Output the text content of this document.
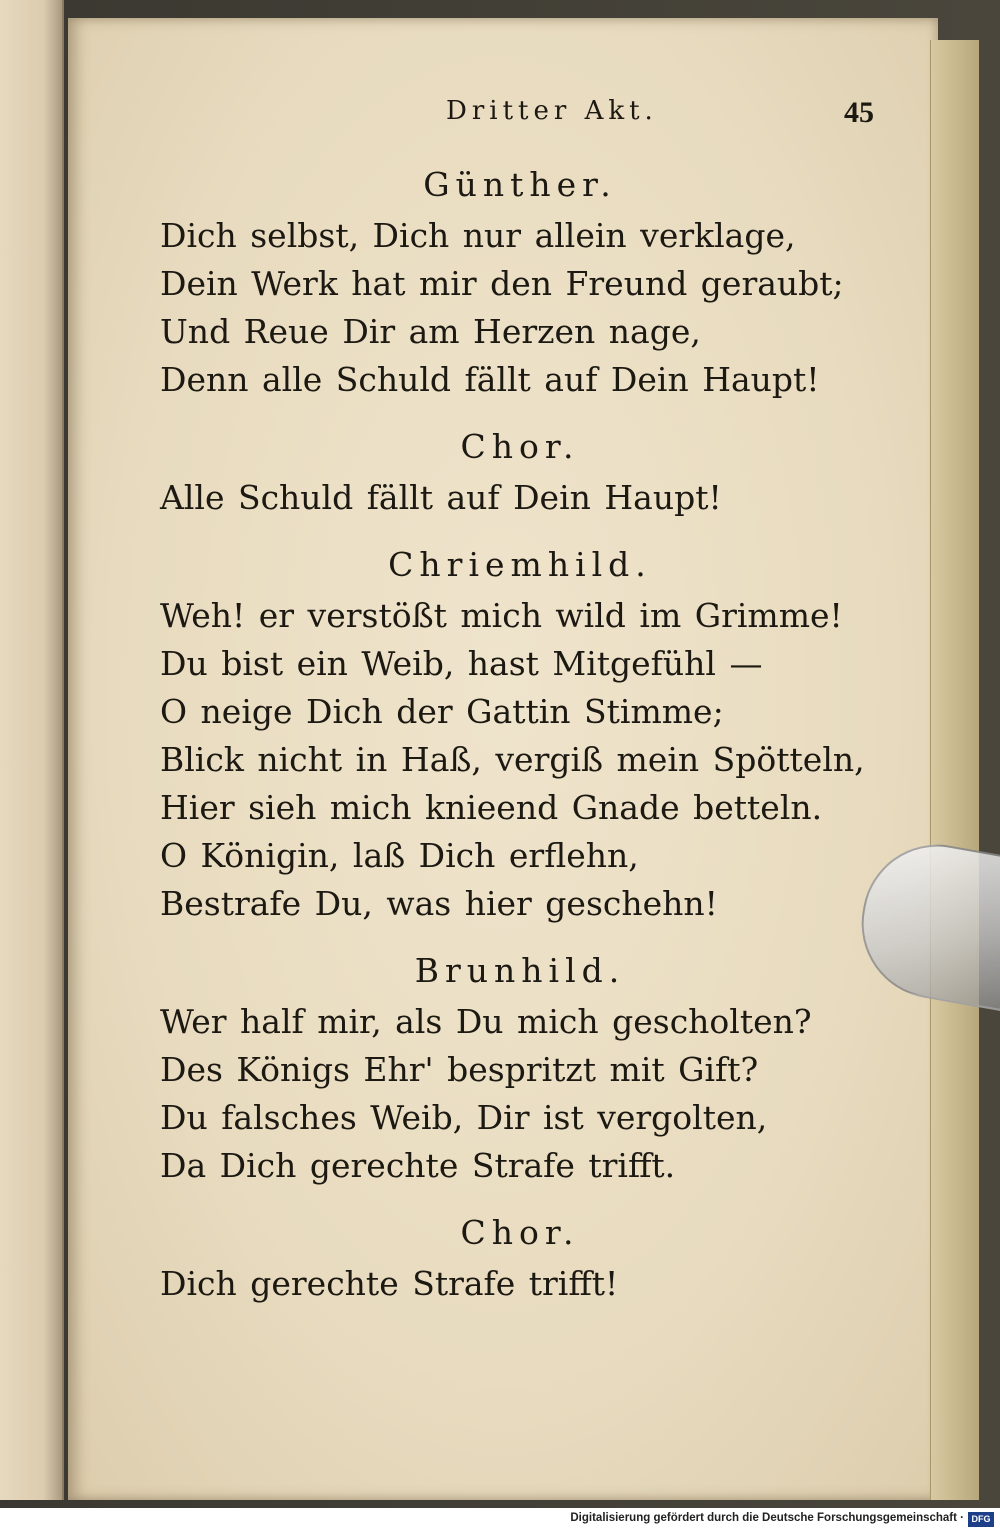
Dritter Akt.	45
Günther.
Dich selbst, Dich nur allein verklage,
Dein Werk hat mir den Freund geraubt;
Und Reue Dir am Herzen nage,
Denn alle Schuld fällt auf Dein Haupt!
Chor.
Alle Schuld fällt auf Dein Haupt!
Chriemhild.
Weh! er verstößt mich wild im Grimme!
Du bist ein Weib, hast Mitgefühl —
O neige Dich der Gattin Stimme;
Blick nicht in Haß, vergiß mein Spötteln,
Hier sieh mich knieend Gnade betteln.
O Königin, laß Dich erflehn,
Bestrafe Du, was hier geschehn!
Brunhild.
Wer half mir, als Du mich gescholten?
Des Königs Ehr' bespritzt mit Gift?
Du falsches Weib, Dir ist vergolten,
Da Dich gerechte Strafe trifft.
Chor.
Dich gerechte Strafe trifft!
Digitalisierung gefördert durch die Deutsche Forschungsgemeinschaft · DFG
